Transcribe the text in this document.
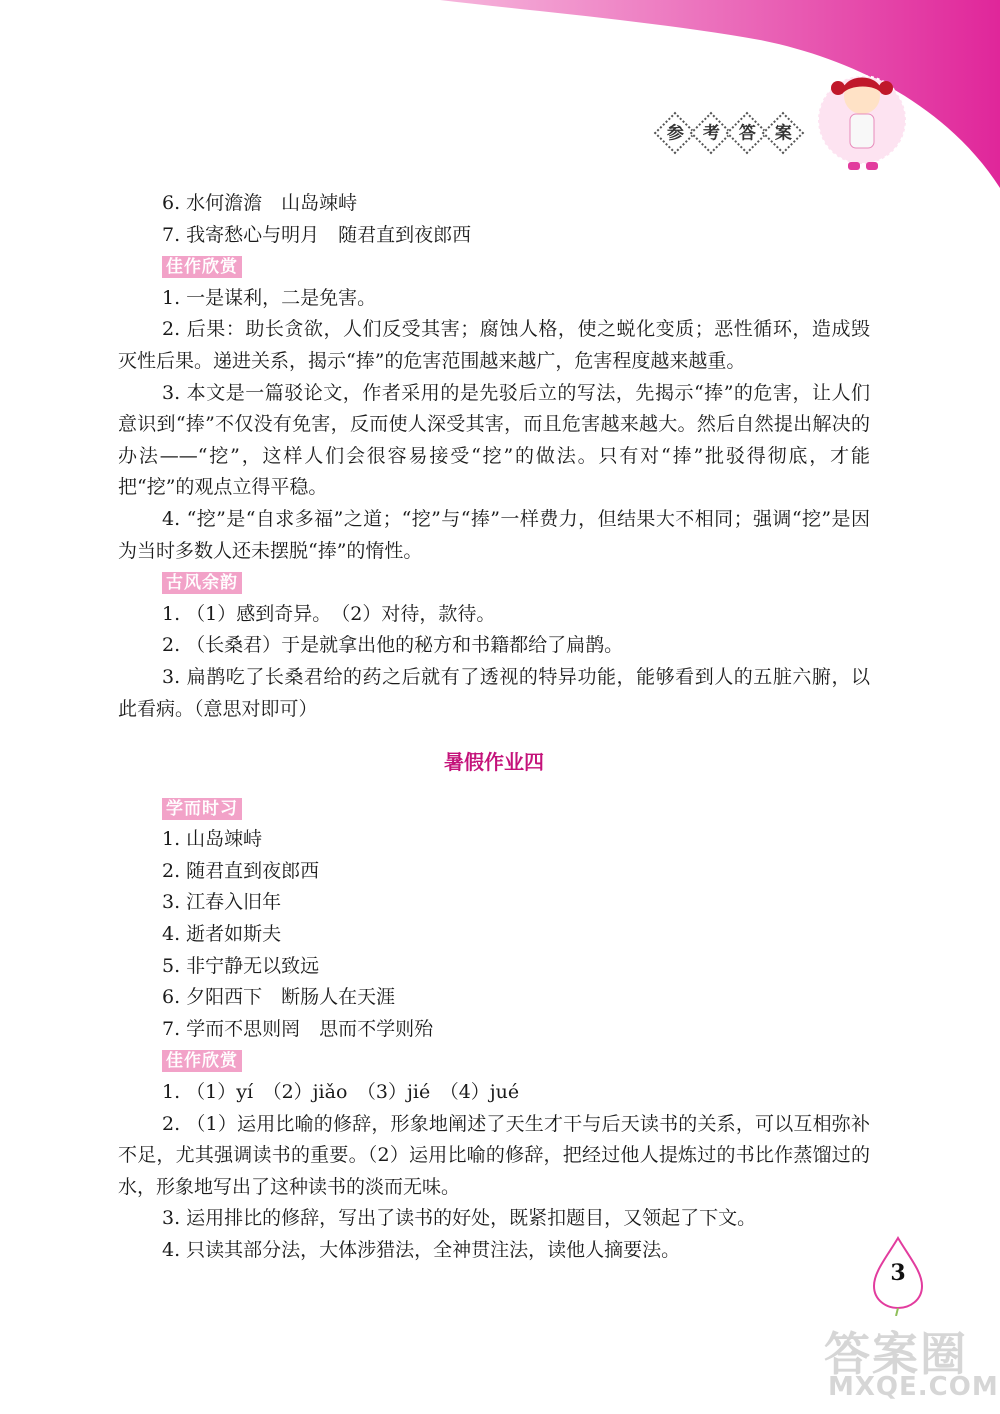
参	考	答	案

6. 水何澹澹　山岛竦峙

7. 我寄愁心与明月　随君直到夜郎西

佳作欣赏

1. 一是谋利，二是免害。

2. 后果：助长贪欲，人们反受其害；腐蚀人格，使之蜕化变质；恶性循环，造成毁灭性后果。递进关系，揭示“捧”的危害范围越来越广，危害程度越来越重。

3. 本文是一篇驳论文，作者采用的是先驳后立的写法，先揭示“捧”的危害，让人们意识到“捧”不仅没有免害，反而使人深受其害，而且危害越来越大。然后自然提出解决的办法——“挖”，这样人们会很容易接受“挖”的做法。只有对“捧”批驳得彻底，才能把“挖”的观点立得平稳。

4. “挖”是“自求多福”之道；“挖”与“捧”一样费力，但结果大不相同；强调“挖”是因为当时多数人还未摆脱“捧”的惰性。

古风余韵

1. （1）感到奇异。　（2）对待，款待。

2. （长桑君）于是就拿出他的秘方和书籍都给了扁鹊。

3. 扁鹊吃了长桑君给的药之后就有了透视的特异功能，能够看到人的五脏六腑，以此看病。（意思对即可）

暑假作业四
学而时习

1. 山岛竦峙

2. 随君直到夜郎西

3. 江春入旧年

4. 逝者如斯夫

5. 非宁静无以致远

6. 夕阳西下　断肠人在天涯

7. 学而不思则罔　思而不学则殆

佳作欣赏

1. （1）yí　（2）jiǎo　（3）jié　（4）jué

2. （1）运用比喻的修辞，形象地阐述了天生才干与后天读书的关系，可以互相弥补不足，尤其强调读书的重要。（2）运用比喻的修辞，把经过他人提炼过的书比作蒸馏过的水，形象地写出了这种读书的淡而无味。

3. 运用排比的修辞，写出了读书的好处，既紧扣题目，又领起了下文。

4. 只读其部分法，大体涉猎法，全神贯注法，读他人摘要法。

3
答案圈
MXQE.COM
